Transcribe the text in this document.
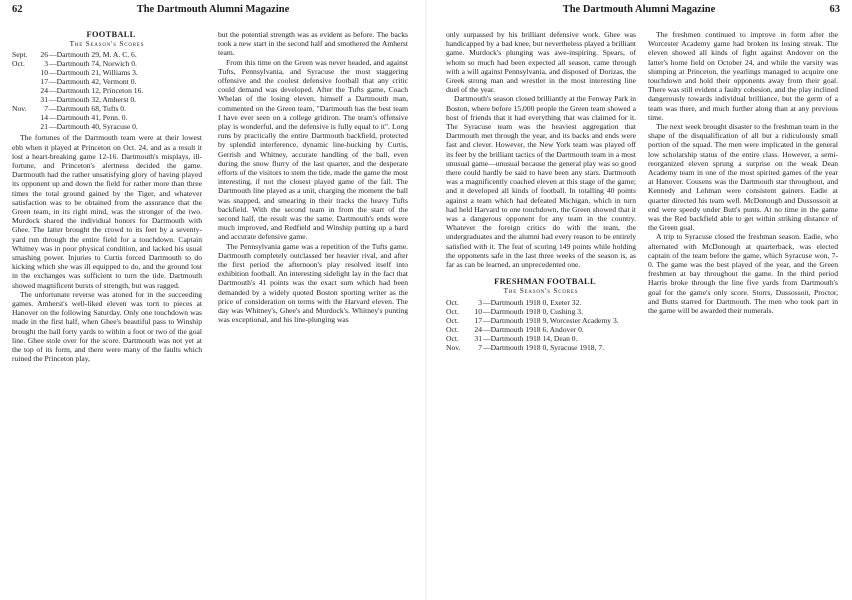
62	The Dartmouth Alumni Magazine

FOOTBALL

The Season's Scores
Sept.	26 —Dartmouth 29, M. A. C. 6.
Oct.	3 —Dartmouth 74, Norwich 0.
10 —Dartmouth 21, Williams 3.
17 —Dartmouth 42, Vermont 0.
24 —Dartmouth 12, Princeton 16.
31 —Dartmouth 32, Amherst 0.
Nov.	7 —Dartmouth 68, Tufts 0.
14 —Dartmouth 41, Penn. 0.
21 —Dartmouth 40, Syracuse 0.

The fortunes of the Dartmouth team were at their lowest ebb when it played at Princeton on Oct. 24, and as a result it lost a heart-breaking game 12-16. Dartmouth's misplays, ill-fortune, and Princeton's alertness decided the game. Dartmouth had the rather unsatisfying glory of having played its opponent up and down the field for rather more than three times the total ground gained by the Tiger, and whatever satisfaction was to be obtained from the assurance that the Green team, in its right mind, was the stronger of the two. Murdock shared the individual honors for Dartmouth with Ghee. The latter brought the crowd to its feet by a seventy-yard run through the entire field for a touchdown. Captain Whitney was in poor physical condition, and lacked his usual smashing power. Injuries to Curtis forced Dartmouth to do kicking which she was ill equipped to do, and the ground lost in the exchanges was sufficient to turn the tide. Dartmouth showed magnificent bursts of strength, but was ragged.

The unfortunate reverse was atoned for in the succeeding games. Amherst's well-liked eleven was torn to pieces at Hanover on the following Saturday. Only one touchdown was made in the first half, when Ghee's beautiful pass to Winship brought the ball forty yards to within a foot or two of the goal line. Ghee stole over for the score. Dartmouth was not yet at the top of its form, and there were many of the faults which ruined the Princeton play,

but the potential strength was as evident as before. The backs took a new start in the second half and smothered the Amherst team.

From this time on the Green was never headed, and against Tufts, Pennsylvania, and Syracuse the most staggering offensive and the coolest defensive football that any critic could demand was developed. After the Tufts game, Coach Whelan of the losing eleven, himself a Dartmouth man, commented on the Green team, "Dartmouth has the best team I have ever seen on a college gridiron. The team's offensive play is wonderful, and the defensive is fully equal to it". Long runs by practically the entire Dartmouth backfield, protected by splendid interference, dynamic line-bucking by Curtis, Gerrish and Whitney, accurate handling of the ball, even during the snow flurry of the last quarter, and the desperate efforts of the visitors to stem the tide, made the game the most interesting, if not the closest played game of the fall. The Dartmouth line played as a unit, charging the moment the ball was snapped, and smearing in their tracks the heavy Tufts backfield. With the second team in from the start of the second half, the result was the same. Dartmouth's ends were much improved, and Redfield and Winship putting up a hard and accurate defensive game.

The Pennsylvania game was a repetition of the Tufts game. Dartmouth completely outclassed her heavier rival, and after the first period the afternoon's play resolved itself into exhibition football. An interesting sidelight lay in the fact that Dartmouth's 41 points was the exact sum which had been demanded by a widely quoted Boston sporting writer as the price of consideration on terms with the Harvard eleven. The day was Whitney's, Ghee's and Murdock's. Whitney's punting was exceptional, and his line-plunging was

The Dartmouth Alumni Magazine	63

only surpassed by his brilliant defensive work. Ghee was handicapped by a bad knee, but nevertheless played a brilliant game. Murdock's plunging was awe-inspiring. Spears, of whom so much had been expected all season, came through with a will against Pennsylvania, and disposed of Dorizas, the Greek strong man and wrestler in the most interesting line duel of the year.

Dartmouth's season closed brilliantly at the Fenway Park in Boston, where before 15,000 people the Green team showed a host of friends that it had everything that was claimed for it. The Syracuse team was the heaviest aggregation that Dartmouth met through the year, and its backs and ends were fast and clever. However, the New York team was played off its feet by the brilliant tactics of the Dartmouth team in a most unusual game—unusual because the general play was so good there could hardly be said to have been any stars. Dartmouth was a magnificently coached eleven at this stage of the game; and it developed all kinds of football. In totalling 40 points against a team which had defeated Michigan, which in turn had held Harvard to one touchdown, the Green showed that it was a dangerous opponent for any team in the country. Whatever the foreign critics do with the team, the undergraduates and the alumni had every reason to be entirely satisfied with it. The feat of scoring 149 points while holding the opponents safe in the last three weeks of the season is, as far as can be learned, an unprecedented one.

FRESHMAN FOOTBALL

The Season's Scores
Oct.	3 —Dartmouth 1918 0, Exeter 32.
Oct.	10 —Dartmouth 1918 0, Cushing 3.
Oct.	17 —Dartmouth 1918 9, Worcester Academy 3.
Oct.	24 —Dartmouth 1918 6, Andover 0.
Oct.	31 —Dartmouth 1918 14, Dean 0.
Nov.	7 —Dartmouth 1918 0, Syracuse 1918, 7.

The freshmen continued to improve in form after the Worcester Academy game had broken its losing streak. The eleven showed all kinds of fight against Andover on the latter's home field on October 24, and while the varsity was slumping at Princeton, the yearlings managed to acquire one touchdown and hold their opponents away from their goal. There was still evident a faulty cohesion, and the play inclined dangerously towards individual brilliance, but the germ of a team was there, and much further along than at any previous time.

The next week brought disaster to the freshman team in the shape of the disqualification of all but a ridiculously small portion of the squad. The men were implicated in the general low scholarship status of the entire class. However, a semi-reorganized eleven sprung a surprise on the weak Dean Academy team in one of the most spirited games of the year at Hanover. Cousens was the Dartmouth star throughout, and Kennedy and Lehman were consistent gainers. Eadie at quarter directed his team well. McDonough and Dussossoit at end were speedy under Butt's punts. At no time in the game was the Red backfield able to get within striking distance of the Green goal.

A trip to Syracuse closed the freshman season. Eadie, who alternated with McDonough at quarterback, was elected captain of the team before the game, which Syracuse won, 7-0. The game was the best played of the year, and the Green freshmen at bay throughout the game. In the third period Harris broke through the line five yards from Dartmouth's goal for the game's only score. Storrs, Dussossoit, Proctor, and Butts starred for Dartmouth. The men who took part in the game will be awarded their numerals.
